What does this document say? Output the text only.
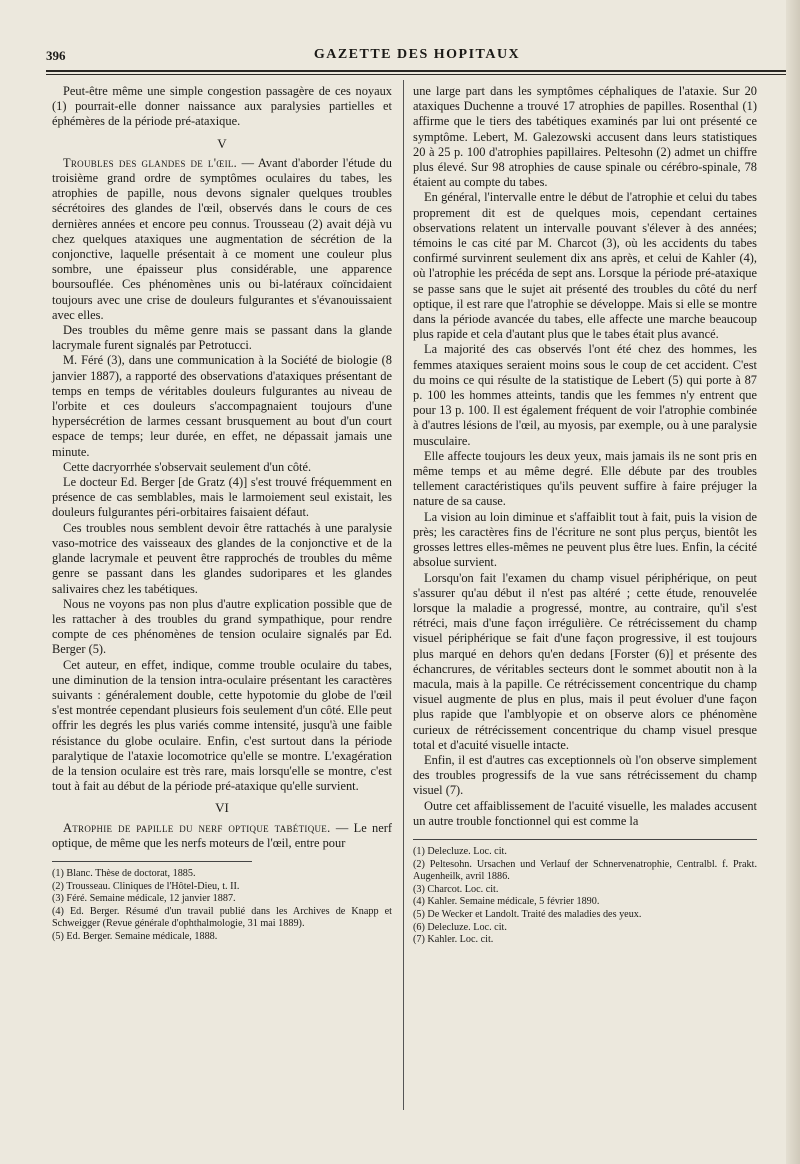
396	GAZETTE DES HOPITAUX

Peut-être même une simple congestion passagère de ces noyaux (1) pourrait-elle donner naissance aux paralysies partielles et éphémères de la période pré-ataxique.

V

Troubles des glandes de l'œil. — Avant d'aborder l'étude du troisième grand ordre de symptômes oculaires du tabes, les atrophies de papille, nous devons signaler quelques troubles sécrétoires des glandes de l'œil, observés dans le cours de ces dernières années et encore peu connus. Trousseau (2) avait déjà vu chez quelques ataxiques une augmentation de sécrétion de la conjonctive, laquelle présentait à ce moment une couleur plus sombre, une épaisseur plus considérable, une apparence boursouflée. Ces phénomènes unis ou bi-latéraux coïncidaient toujours avec une crise de douleurs fulgurantes et s'évanouissaient avec elles.

Des troubles du même genre mais se passant dans la glande lacrymale furent signalés par Petrotucci.

M. Féré (3), dans une communication à la Société de biologie (8 janvier 1887), a rapporté des observations d'ataxiques présentant de temps en temps de véritables douleurs fulgurantes au niveau de l'orbite et ces douleurs s'accompagnaient toujours d'une hypersécrétion de larmes cessant brusquement au bout d'un court espace de temps; leur durée, en effet, ne dépassait jamais une minute.

Cette dacryorrhée s'observait seulement d'un côté.

Le docteur Ed. Berger [de Gratz (4)] s'est trouvé fréquemment en présence de cas semblables, mais le larmoiement seul existait, les douleurs fulgurantes péri-orbitaires faisaient défaut.

Ces troubles nous semblent devoir être rattachés à une paralysie vaso-motrice des vaisseaux des glandes de la conjonctive et de la glande lacrymale et peuvent être rapprochés de troubles du même genre se passant dans les glandes sudoripares et les glandes salivaires chez les tabétiques.

Nous ne voyons pas non plus d'autre explication possible que de les rattacher à des troubles du grand sympathique, pour rendre compte de ces phénomènes de tension oculaire signalés par Ed. Berger (5).

Cet auteur, en effet, indique, comme trouble oculaire du tabes, une diminution de la tension intra-oculaire présentant les caractères suivants : généralement double, cette hypotomie du globe de l'œil s'est montrée cependant plusieurs fois seulement d'un côté. Elle peut offrir les degrés les plus variés comme intensité, jusqu'à une faible résistance du globe oculaire. Enfin, c'est surtout dans la période paralytique de l'ataxie locomotrice qu'elle se montre. L'exagération de la tension oculaire est très rare, mais lorsqu'elle se montre, c'est tout à fait au début de la période pré-ataxique qu'elle survient.

VI

Atrophie de papille du nerf optique tabétique. — Le nerf optique, de même que les nerfs moteurs de l'œil, entre pour

(1) Blanc. Thèse de doctorat, 1885.

(2) Trousseau. Cliniques de l'Hôtel-Dieu, t. II.

(3) Féré. Semaine médicale, 12 janvier 1887.

(4) Ed. Berger. Résumé d'un travail publié dans les Archives de Knapp et Schweigger (Revue générale d'ophthalmologie, 31 mai 1889).

(5) Ed. Berger. Semaine médicale, 1888.

une large part dans les symptômes céphaliques de l'ataxie. Sur 20 ataxiques Duchenne a trouvé 17 atrophies de papilles. Rosenthal (1) affirme que le tiers des tabétiques examinés par lui ont présenté ce symptôme. Lebert, M. Galezowski accusent dans leurs statistiques 20 à 25 p. 100 d'atrophies papillaires. Peltesohn (2) admet un chiffre plus élevé. Sur 98 atrophies de cause spinale ou cérébro-spinale, 78 étaient au compte du tabes.

En général, l'intervalle entre le début de l'atrophie et celui du tabes proprement dit est de quelques mois, cependant certaines observations relatent un intervalle pouvant s'élever à des années; témoins le cas cité par M. Charcot (3), où les accidents du tabes confirmé survinrent seulement dix ans après, et celui de Kahler (4), où l'atrophie les précéda de sept ans. Lorsque la période pré-ataxique se passe sans que le sujet ait présenté des troubles du côté du nerf optique, il est rare que l'atrophie se développe. Mais si elle se montre dans la période avancée du tabes, elle affecte une marche beaucoup plus rapide et cela d'autant plus que le tabes était plus avancé.

La majorité des cas observés l'ont été chez des hommes, les femmes ataxiques seraient moins sous le coup de cet accident. C'est du moins ce qui résulte de la statistique de Lebert (5) qui porte à 87 p. 100 les hommes atteints, tandis que les femmes n'y entrent que pour 13 p. 100. Il est également fréquent de voir l'atrophie combinée à d'autres lésions de l'œil, au myosis, par exemple, ou à une paralysie musculaire.

Elle affecte toujours les deux yeux, mais jamais ils ne sont pris en même temps et au même degré. Elle débute par des troubles tellement caractéristiques qu'ils peuvent suffire à faire préjuger la nature de sa cause.

La vision au loin diminue et s'affaiblit tout à fait, puis la vision de près; les caractères fins de l'écriture ne sont plus perçus, bientôt les grosses lettres elles-mêmes ne peuvent plus être lues. Enfin, la cécité absolue survient.

Lorsqu'on fait l'examen du champ visuel périphérique, on peut s'assurer qu'au début il n'est pas altéré ; cette étude, renouvelée lorsque la maladie a progressé, montre, au contraire, qu'il s'est rétréci, mais d'une façon irrégulière. Ce rétrécissement du champ visuel périphérique se fait d'une façon progressive, il est toujours plus marqué en dehors qu'en dedans [Forster (6)] et présente des échancrures, de véritables secteurs dont le sommet aboutit non à la macula, mais à la papille. Ce rétrécissement concentrique du champ visuel augmente de plus en plus, mais il peut évoluer d'une façon plus rapide que l'amblyopie et on observe alors ce phénomène curieux de rétrécissement concentrique du champ visuel presque total et d'acuité visuelle intacte.

Enfin, il est d'autres cas exceptionnels où l'on observe simplement des troubles progressifs de la vue sans rétrécissement du champ visuel (7).

Outre cet affaiblissement de l'acuité visuelle, les malades accusent un autre trouble fonctionnel qui est comme la

(1) Delecluze. Loc. cit.

(2) Peltesohn. Ursachen und Verlauf der Schnervenatrophie, Centralbl. f. Prakt. Augenheilk, avril 1886.

(3) Charcot. Loc. cit.

(4) Kahler. Semaine médicale, 5 février 1890.

(5) De Wecker et Landolt. Traité des maladies des yeux.

(6) Delecluze. Loc. cit.

(7) Kahler. Loc. cit.
